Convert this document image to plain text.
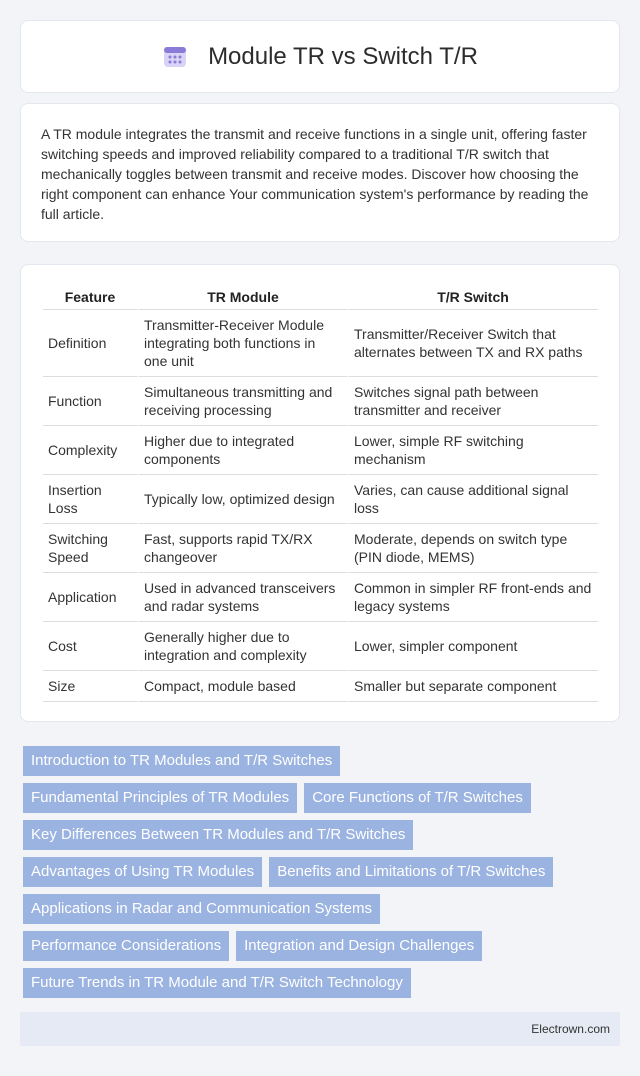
Module TR vs Switch T/R

A TR module integrates the transmit and receive functions in a single unit, offering faster switching speeds and improved reliability compared to a traditional T/R switch that mechanically toggles between transmit and receive modes. Discover how choosing the right component can enhance Your communication system's performance by reading the full article.

Feature	TR Module	T/R Switch
Definition	Transmitter-Receiver Module integrating both functions in one unit	Transmitter/Receiver Switch that alternates between TX and RX paths
Function	Simultaneous transmitting and receiving processing	Switches signal path between transmitter and receiver
Complexity	Higher due to integrated components	Lower, simple RF switching mechanism
Insertion Loss	Typically low, optimized design	Varies, can cause additional signal loss
Switching Speed	Fast, supports rapid TX/RX changeover	Moderate, depends on switch type (PIN diode, MEMS)
Application	Used in advanced transceivers and radar systems	Common in simpler RF front-ends and legacy systems
Cost	Generally higher due to integration and complexity	Lower, simpler component
Size	Compact, module based	Smaller but separate component
Introduction to TR Modules and T/R Switches
Fundamental Principles of TR Modules	Core Functions of T/R Switches
Key Differences Between TR Modules and T/R Switches
Advantages of Using TR Modules	Benefits and Limitations of T/R Switches
Applications in Radar and Communication Systems
Performance Considerations	Integration and Design Challenges
Future Trends in TR Module and T/R Switch Technology
Electrown.com
